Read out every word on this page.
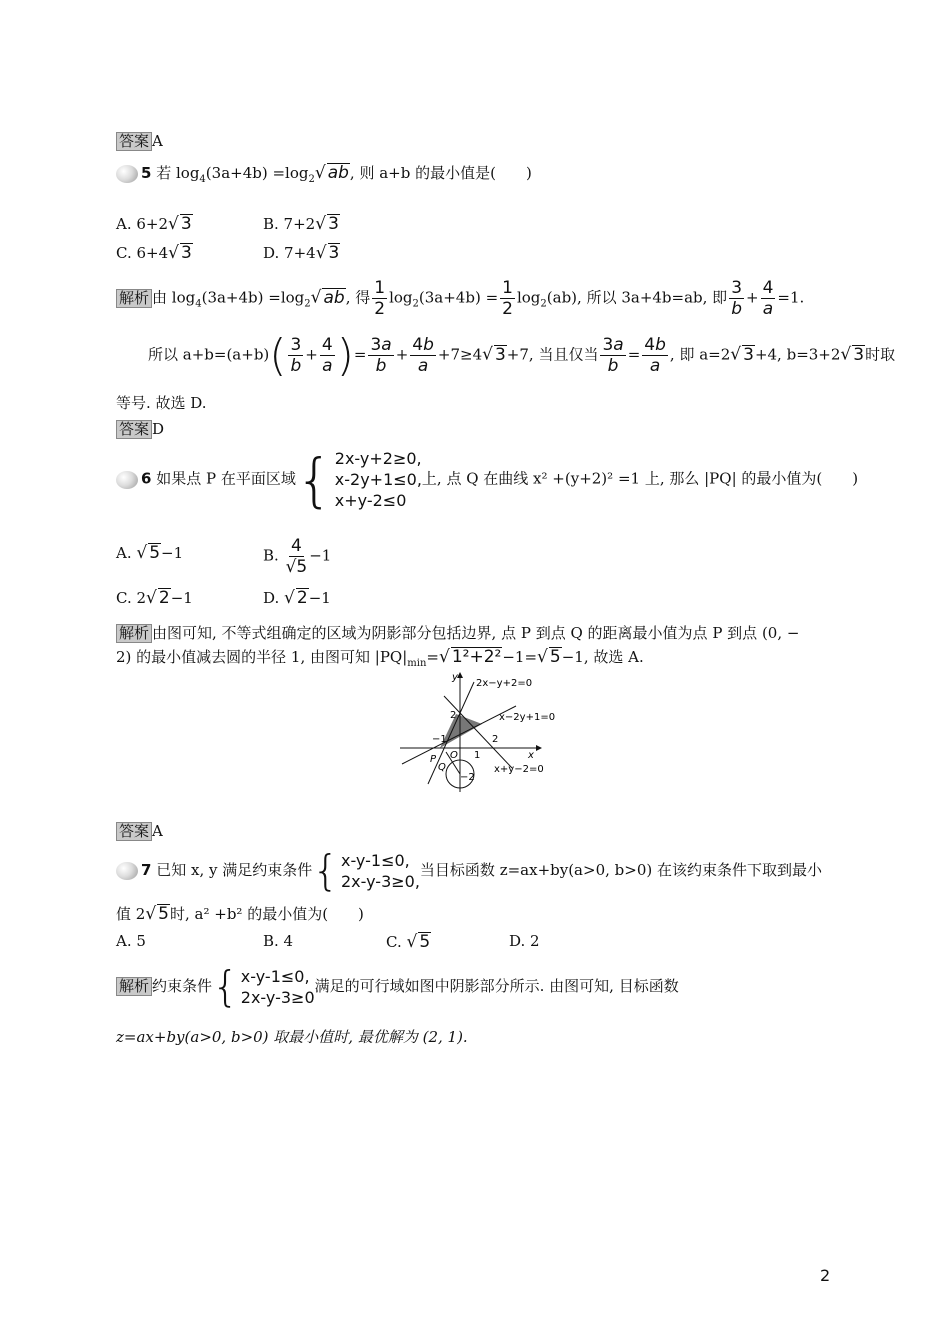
答案 A
5 若 $\log_4(3a+4b) =\log_2√$ ab, 则 a+b 的最小值是(　　)
A. 6+2√ 3	B. 7+2√ 3
C. 6+4√ 3	D. 7+4√ 3
解析 由 $\log_4(3a+4b) =\log_2√$ ab, 得 $\frac{1}{2} \log_2(3a+4b) = \frac{1}{2} \log_2(ab)$, 所以 3a+4b=ab, 即 $\frac{3}{b} + \frac{4}{a} =1$.
所以 $a+b=(a+b)( \frac{3}{b} + \frac{4}{a}$ )= $\frac{3a}{b} + \frac{4b}{a} +7\ge 4√$ 3+7, 当且仅当 $\frac{3a}{b} = \frac{4b}{a}$ , 即 a=2√ 3+4, b=3+2√ 3时取
等号. 故选 D.
答案 D
6 如果点 P 在平面区域 { 2x-y+2≥0,
x-2y+1≤0,
x+y-2≤0
上, 点 Q 在曲线 x² +(y+2)² =1 上, 那么 |PQ| 的最小值为(　　)
A. √ 5−1	B. $\frac{4}{√5} -1$
C. 2√ 2−1	D. √ 2−1
解析 由图可知, 不等式组确定的区域为阴影部分包括边界, 点 P 到点 Q 的距离最小值为点 P 到点 (0, −
2) 的最小值减去圆的半径 1, 由图可知 $|PQ|_{min}=√$ 1²+2²−1=√ 5−1, 故选 A.
2x−y+2=0
x−2y+1=0
x+y−2=0
x
y
O
P
Q
2
−1
1
2
−2
答案 A
7 已知 x, y 满足约束条件 { x-y-1≤0,
2x-y-3≥0,
当目标函数 z=ax+by(a>0, b>0) 在该约束条件下取到最小
值 2√ 5时, a² +b² 的最小值为(　　)
A. 5	B. 4	C. √ 5	D. 2
解析 约束条件 { x-y-1≤0,
2x-y-3≥0
满足的可行域如图中阴影部分所示. 由图可知, 目标函数
z=ax+by(a>0, b>0) 取最小值时, 最优解为 (2, 1).
2
